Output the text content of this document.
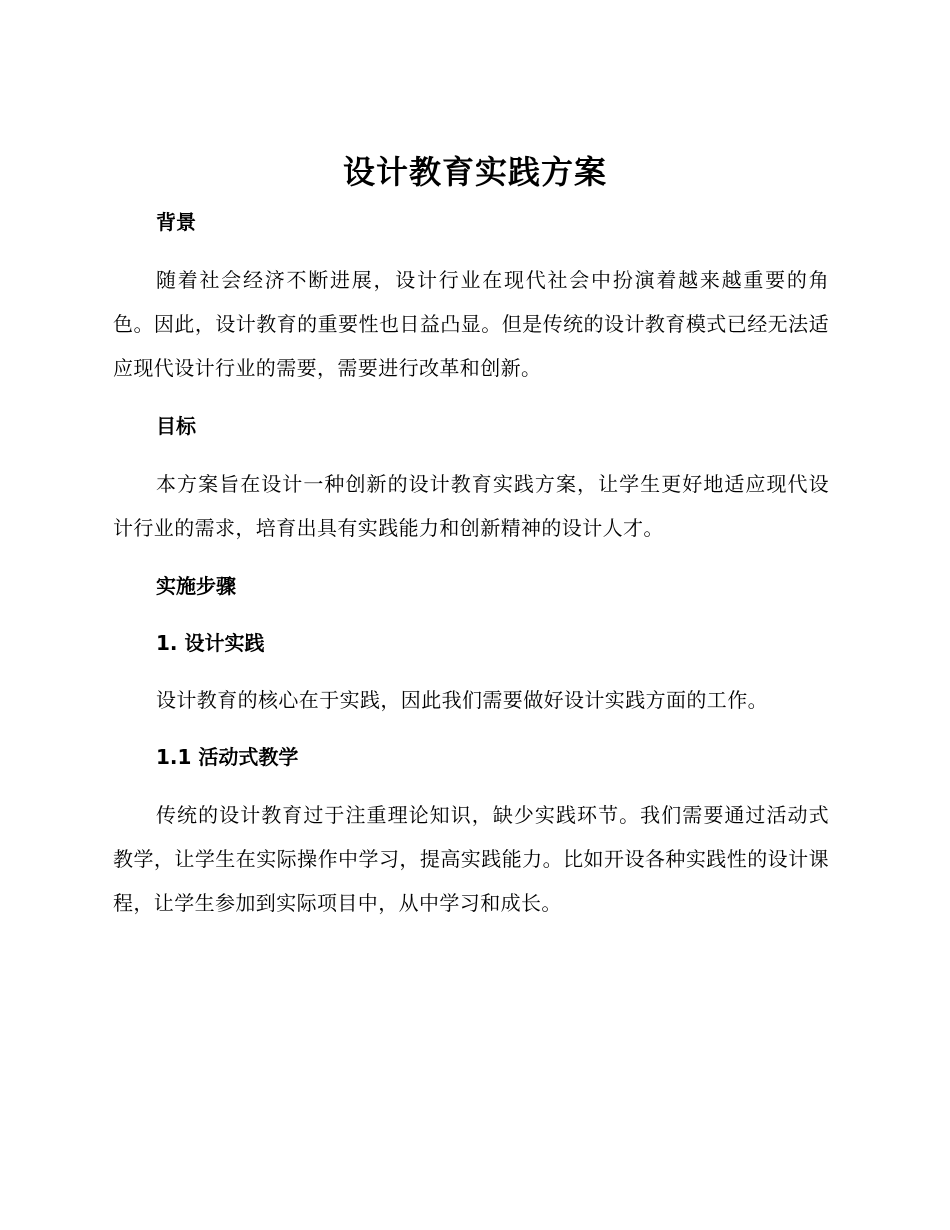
设计教育实践方案
背景

随着社会经济不断进展，设计行业在现代社会中扮演着越来越重要的角色。因此，设计教育的重要性也日益凸显。但是传统的设计教育模式已经无法适应现代设计行业的需要，需要进行改革和创新。

目标

本方案旨在设计一种创新的设计教育实践方案，让学生更好地适应现代设计行业的需求，培育出具有实践能力和创新精神的设计人才。

实施步骤
1. 设计实践

设计教育的核心在于实践，因此我们需要做好设计实践方面的工作。

1.1 活动式教学

传统的设计教育过于注重理论知识，缺少实践环节。我们需要通过活动式教学，让学生在实际操作中学习，提高实践能力。比如开设各种实践性的设计课程，让学生参加到实际项目中，从中学习和成长。
